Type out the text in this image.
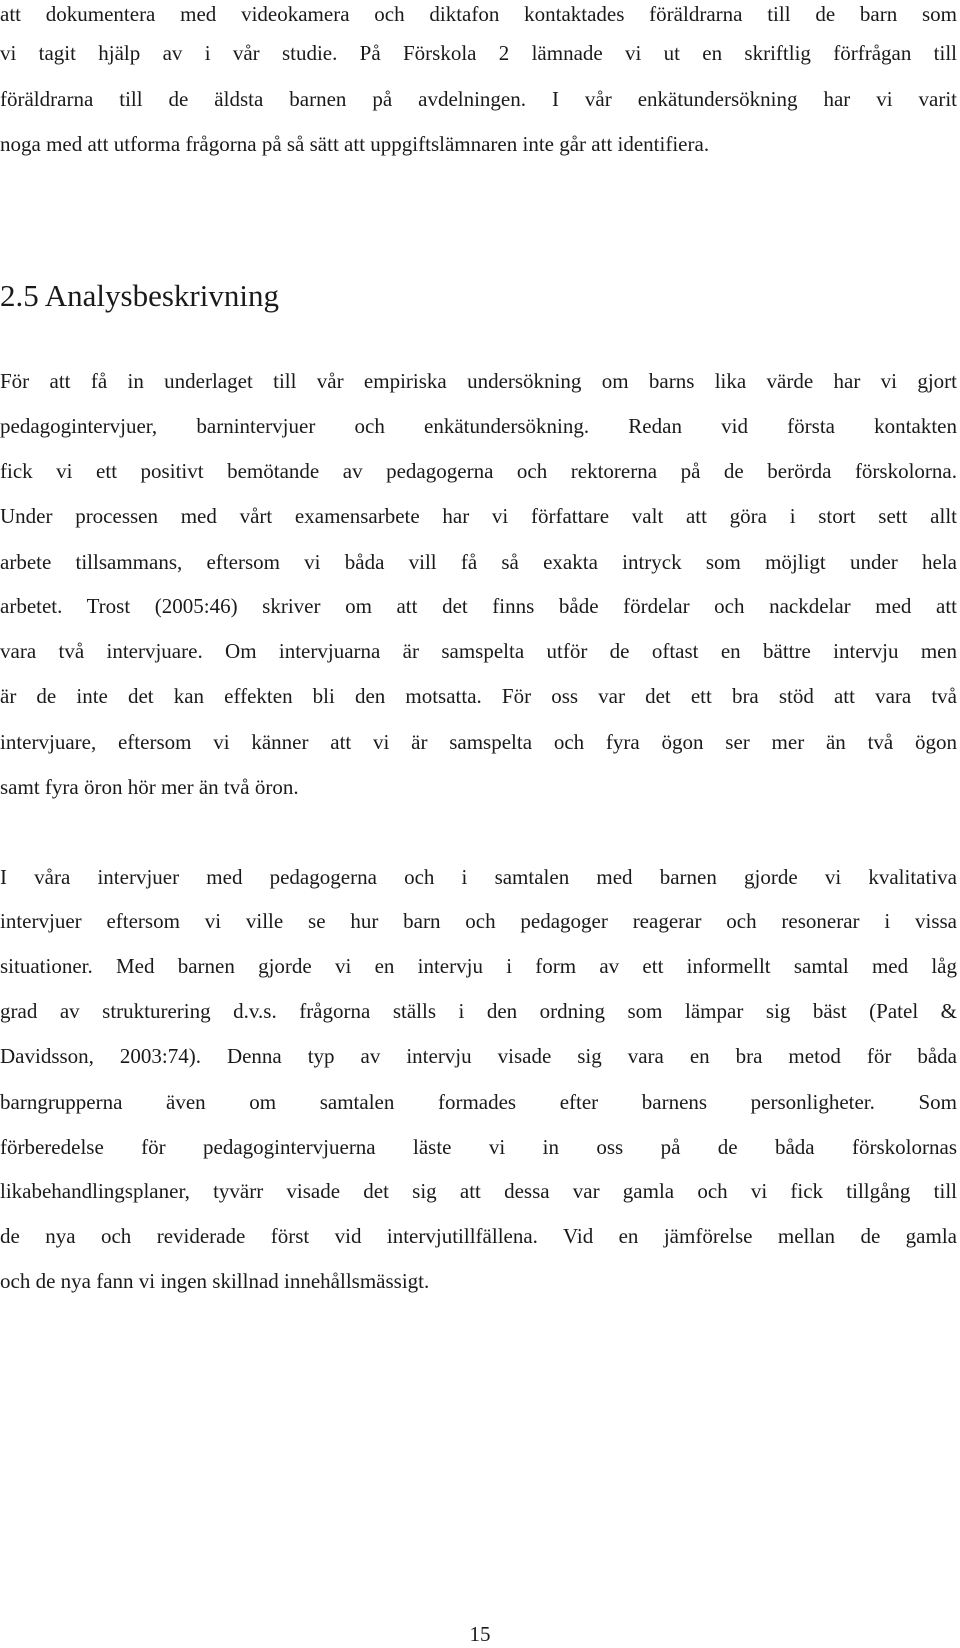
att dokumentera med videokamera och diktafon kontaktades föräldrarna till de barn som
vi tagit hjälp av i vår studie. På Förskola 2 lämnade vi ut en skriftlig förfrågan till
föräldrarna till de äldsta barnen på avdelningen. I vår enkätundersökning har vi varit
noga med att utforma frågorna på så sätt att uppgiftslämnaren inte går att identifiera.
2.5 Analysbeskrivning
För att få in underlaget till vår empiriska undersökning om barns lika värde har vi gjort
pedagogintervjuer, barnintervjuer och enkätundersökning. Redan vid första kontakten
fick vi ett positivt bemötande av pedagogerna och rektorerna på de berörda förskolorna.
Under processen med vårt examensarbete har vi författare valt att göra i stort sett allt
arbete tillsammans, eftersom vi båda vill få så exakta intryck som möjligt under hela
arbetet. Trost (2005:46) skriver om att det finns både fördelar och nackdelar med att
vara två intervjuare. Om intervjuarna är samspelta utför de oftast en bättre intervju men
är de inte det kan effekten bli den motsatta. För oss var det ett bra stöd att vara två
intervjuare, eftersom vi känner att vi är samspelta och fyra ögon ser mer än två ögon
samt fyra öron hör mer än två öron.
I våra intervjuer med pedagogerna och i samtalen med barnen gjorde vi kvalitativa
intervjuer eftersom vi ville se hur barn och pedagoger reagerar och resonerar i vissa
situationer. Med barnen gjorde vi en intervju i form av ett informellt samtal med låg
grad av strukturering d.v.s. frågorna ställs i den ordning som lämpar sig bäst (Patel &
Davidsson, 2003:74). Denna typ av intervju visade sig vara en bra metod för båda
barngrupperna även om samtalen formades efter barnens personligheter. Som
förberedelse för pedagogintervjuerna läste vi in oss på de båda förskolornas
likabehandlingsplaner, tyvärr visade det sig att dessa var gamla och vi fick tillgång till
de nya och reviderade först vid intervjutillfällena. Vid en jämförelse mellan de gamla
och de nya fann vi ingen skillnad innehållsmässigt.
15
